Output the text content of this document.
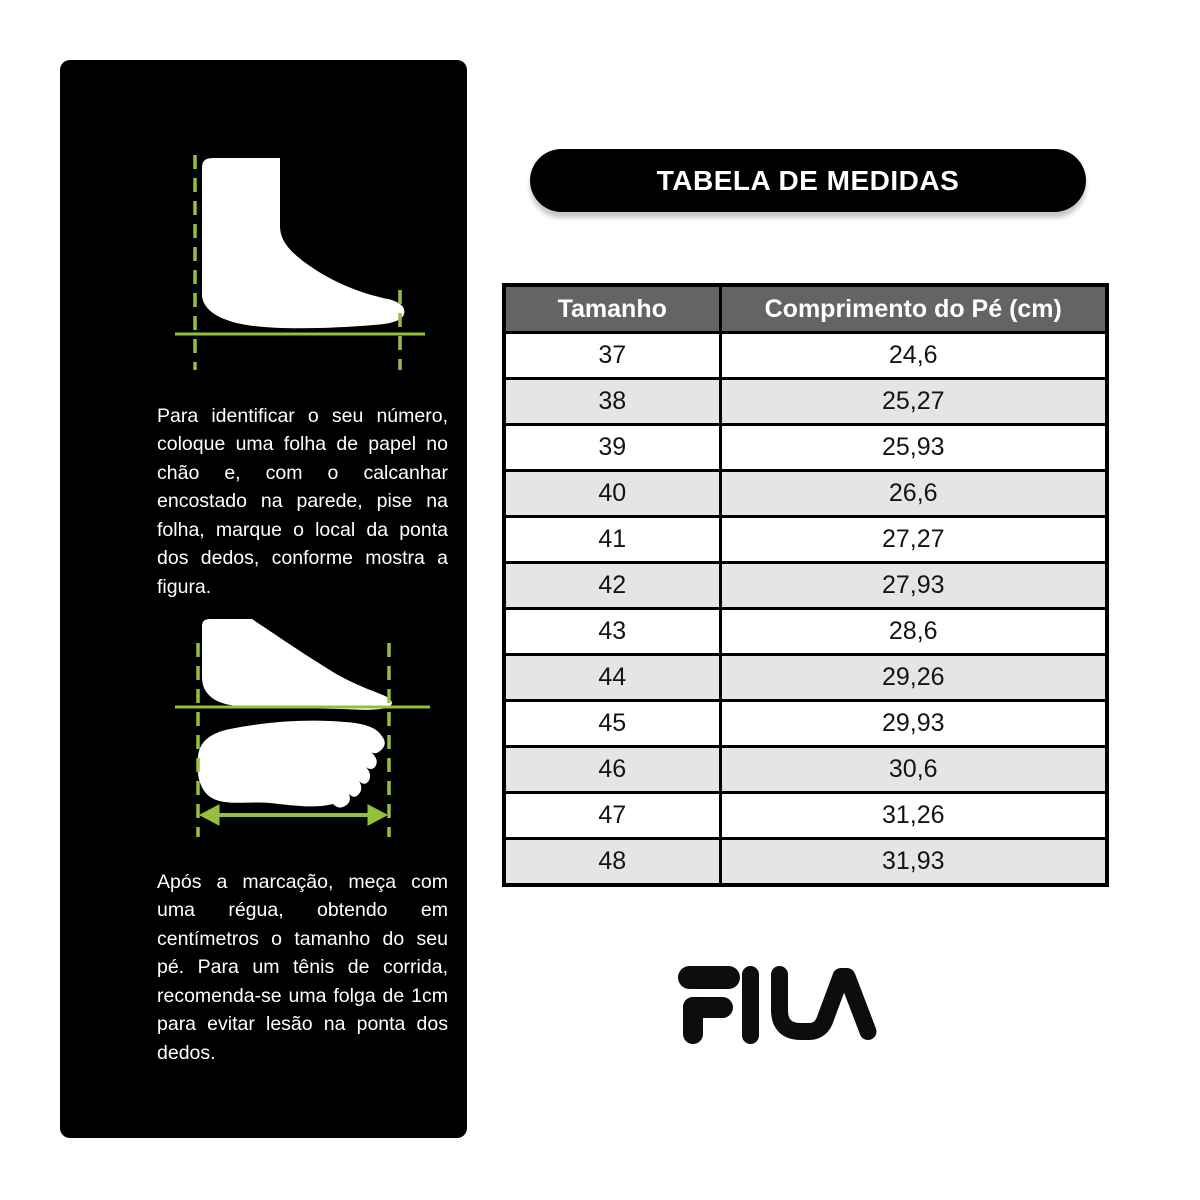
Para identificar o seu número, coloque uma folha de papel no chão e, com o calcanhar encostado na parede, pise na folha, marque o local da ponta dos dedos, conforme mostra a figura.

Após a marcação, meça com uma régua, obtendo em centímetros o tamanho do seu pé. Para um tênis de corrida, recomenda-se uma folga de 1cm para evitar lesão na ponta dos dedos.

TABELA DE MEDIDAS
Tamanho	Comprimento do Pé (cm)
37	24,6
38	25,27
39	25,93
40	26,6
41	27,27
42	27,93
43	28,6
44	29,26
45	29,93
46	30,6
47	31,26
48	31,93
